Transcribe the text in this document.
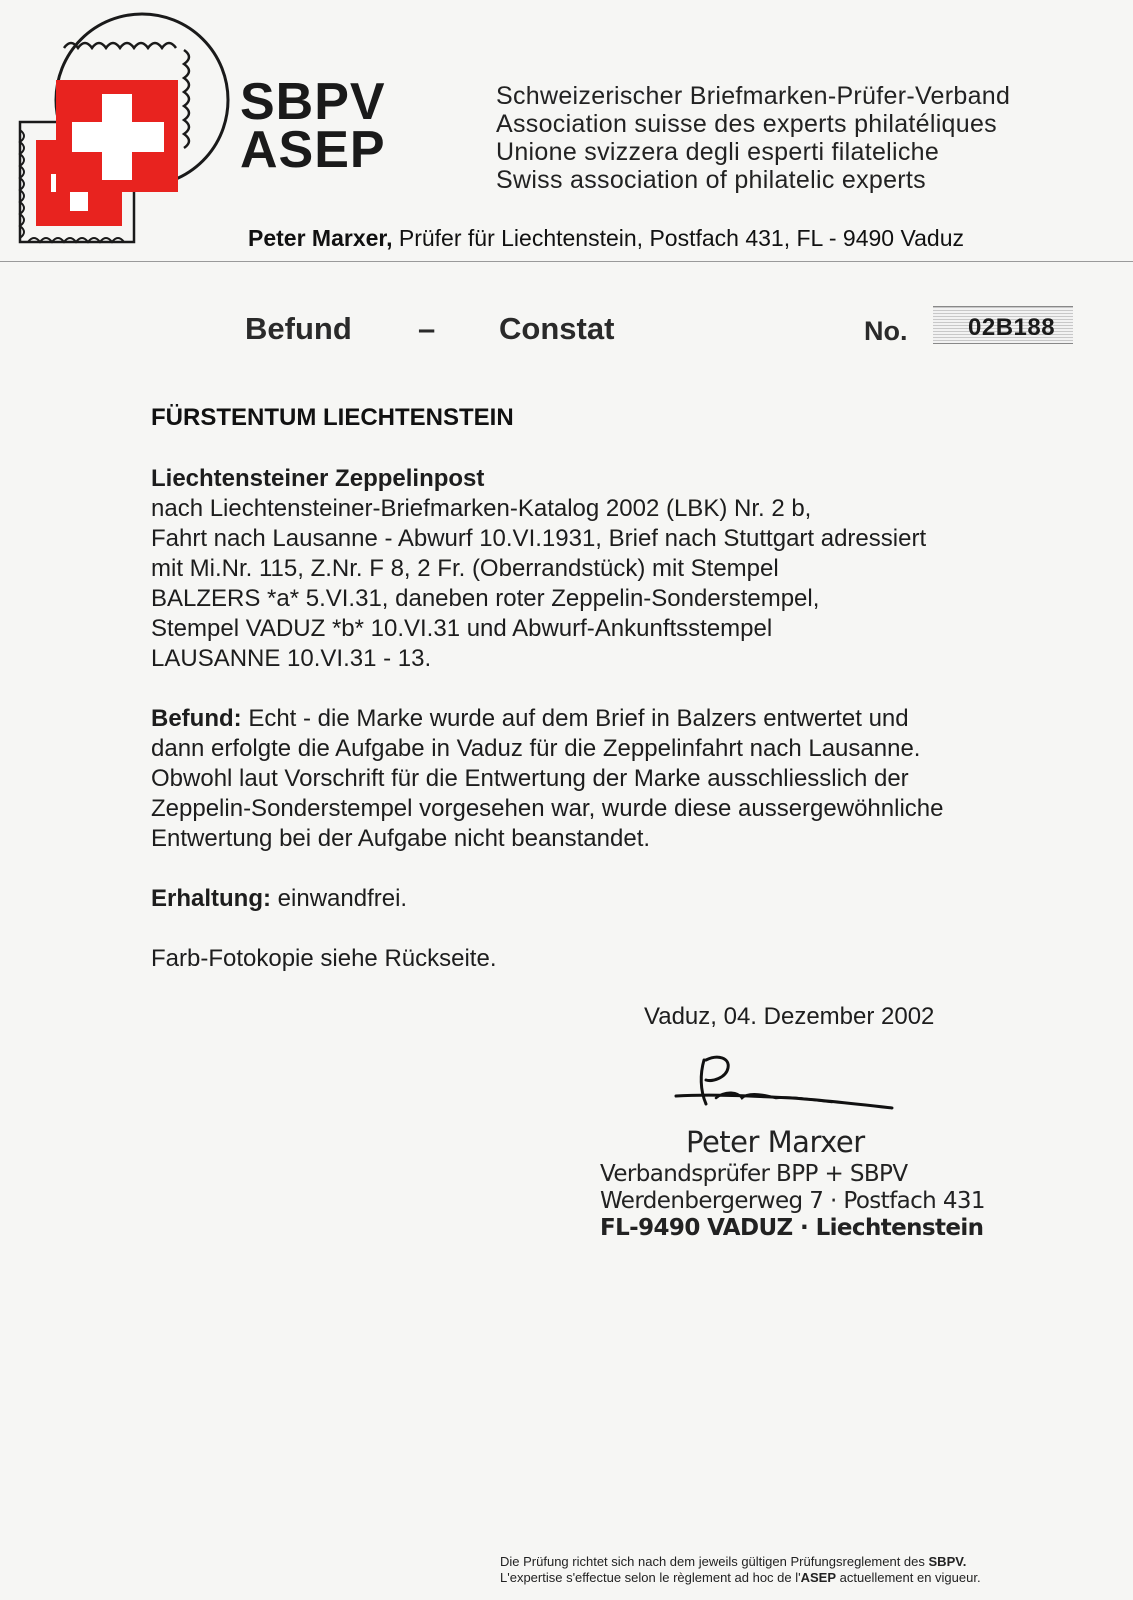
SBPV
ASEP
Schweizerischer Briefmarken-Prüfer-Verband
Association suisse des experts philatéliques
Unione svizzera degli esperti filateliche
Swiss association of philatelic experts
Peter Marxer, Prüfer für Liechtenstein, Postfach 431, FL - 9490 Vaduz
Befund – Constat	No.	02B188
FÜRSTENTUM LIECHTENSTEIN
Liechtensteiner Zeppelinpost
nach Liechtensteiner-Briefmarken-Katalog 2002 (LBK) Nr. 2 b,
Fahrt nach Lausanne - Abwurf 10.VI.1931, Brief nach Stuttgart adressiert
mit Mi.Nr. 115, Z.Nr. F 8, 2 Fr. (Oberrandstück) mit Stempel
BALZERS *a* 5.VI.31, daneben roter Zeppelin-Sonderstempel,
Stempel VADUZ *b* 10.VI.31 und Abwurf-Ankunftsstempel
LAUSANNE 10.VI.31 - 13.
Befund: Echt - die Marke wurde auf dem Brief in Balzers entwertet und
dann erfolgte die Aufgabe in Vaduz für die Zeppelinfahrt nach Lausanne.
Obwohl laut Vorschrift für die Entwertung der Marke ausschliesslich der
Zeppelin-Sonderstempel vorgesehen war, wurde diese aussergewöhnliche
Entwertung bei der Aufgabe nicht beanstandet.
Erhaltung: einwandfrei.
Farb-Fotokopie siehe Rückseite.
Vaduz, 04. Dezember 2002
Peter Marxer
Verbandsprüfer BPP + SBPV
Werdenbergerweg 7 · Postfach 431
FL-9490 VADUZ · Liechtenstein
Die Prüfung richtet sich nach dem jeweils gültigen Prüfungsreglement des SBPV.
L'expertise s'effectue selon le règlement ad hoc de l'ASEP actuellement en vigueur.
